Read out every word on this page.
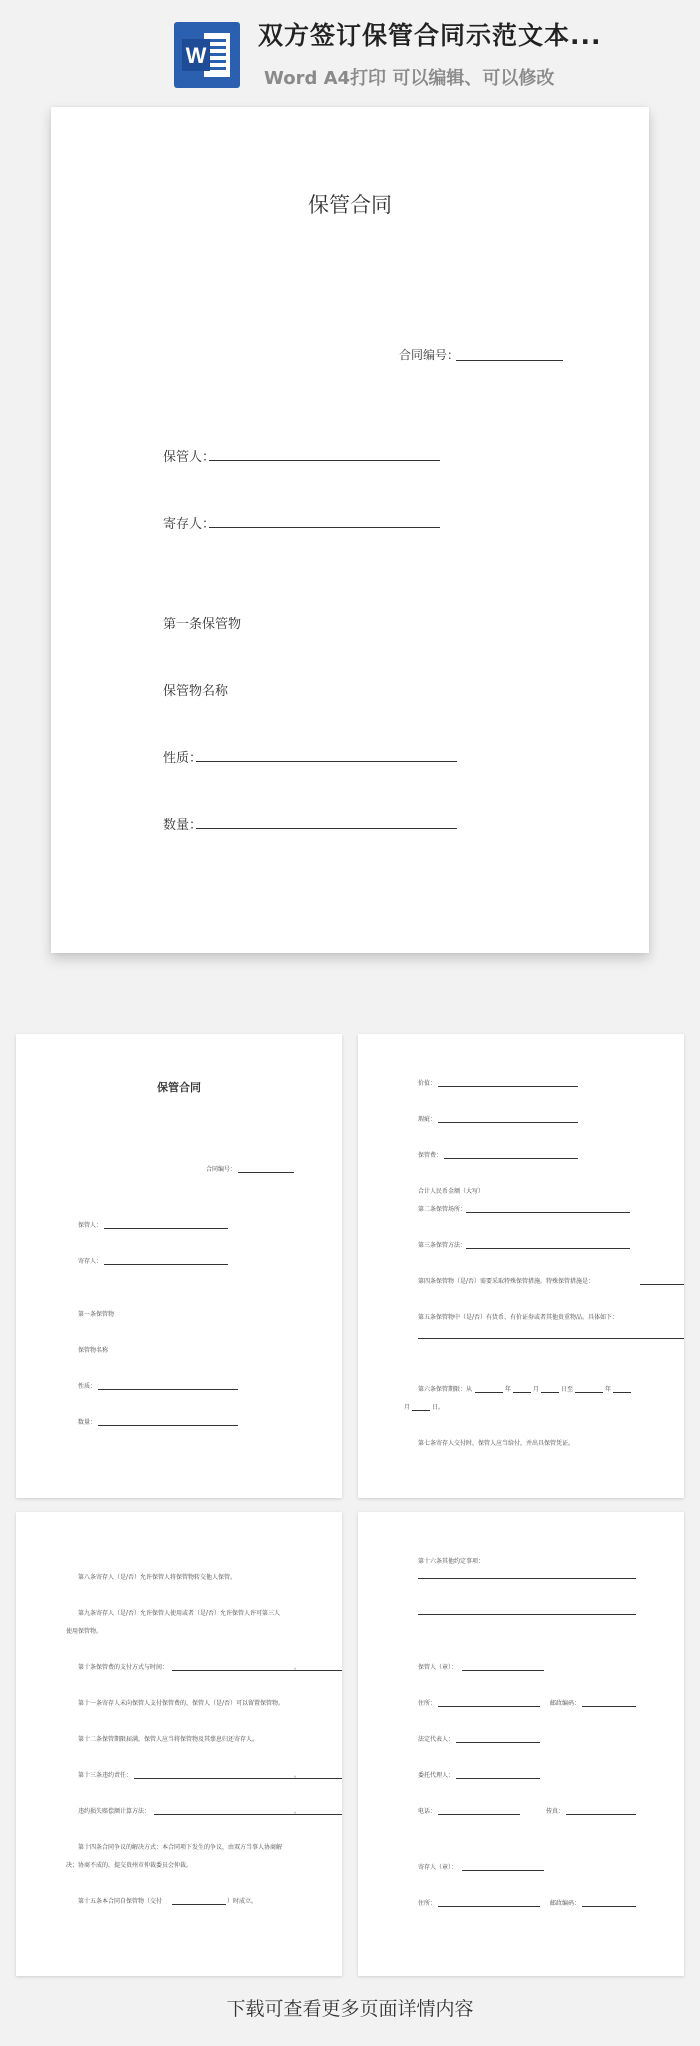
W
双方签订保管合同示范文本...
Word A4打印 可以编辑、可以修改
保管合同
合同编号：
保管人：
寄存人：
第一条保管物
保管物名称
性质：
数量：
保管合同
合同编号：
保管人：
寄存人：
第一条保管物
保管物名称
性质：
数量：
价值：
瑕疵：
保管费：
合计人民币金额（大写）
第二条保管场所：
第三条保管方法：
第四条保管物（是/否）需要采取特殊保管措施。特殊保管措施是：
第五条保管物中（是/否）有货币、有价证券或者其他贵重物品。具体如下：
第六条保管期限：从	年	月	日至	年
月	日。
第七条寄存人交付时，保管人应当给付，并出具保管凭证。
第八条寄存人（是/否）允许保管人将保管物转交他人保管。
第九条寄存人（是/否）允许保管人使用或者（是/否）允许保管人许可第三人
使用保管物。
第十条保管费的支付方式与时间：	。
第十一条寄存人未向保管人支付保管费的，保管人（是/否）可以留置保管物。
第十二条保管期限届满，保管人应当将保管物及其孳息归还寄存人。
第十三条违约责任：	。
违约损失赔偿额计算方法：	。
第十四条合同争议的解决方式：本合同项下发生的争议，由双方当事人协商解
决；协商不成的，提交贵州市仲裁委员会仲裁。
第十五条本合同自保管物（交付	）时成立。
第十六条其他约定事项：
保管人（章）：
住所：	邮政编码：
法定代表人：
委托代理人：
电话：	传真：
寄存人（章）：
住所：	邮政编码：
下载可查看更多页面详情内容
